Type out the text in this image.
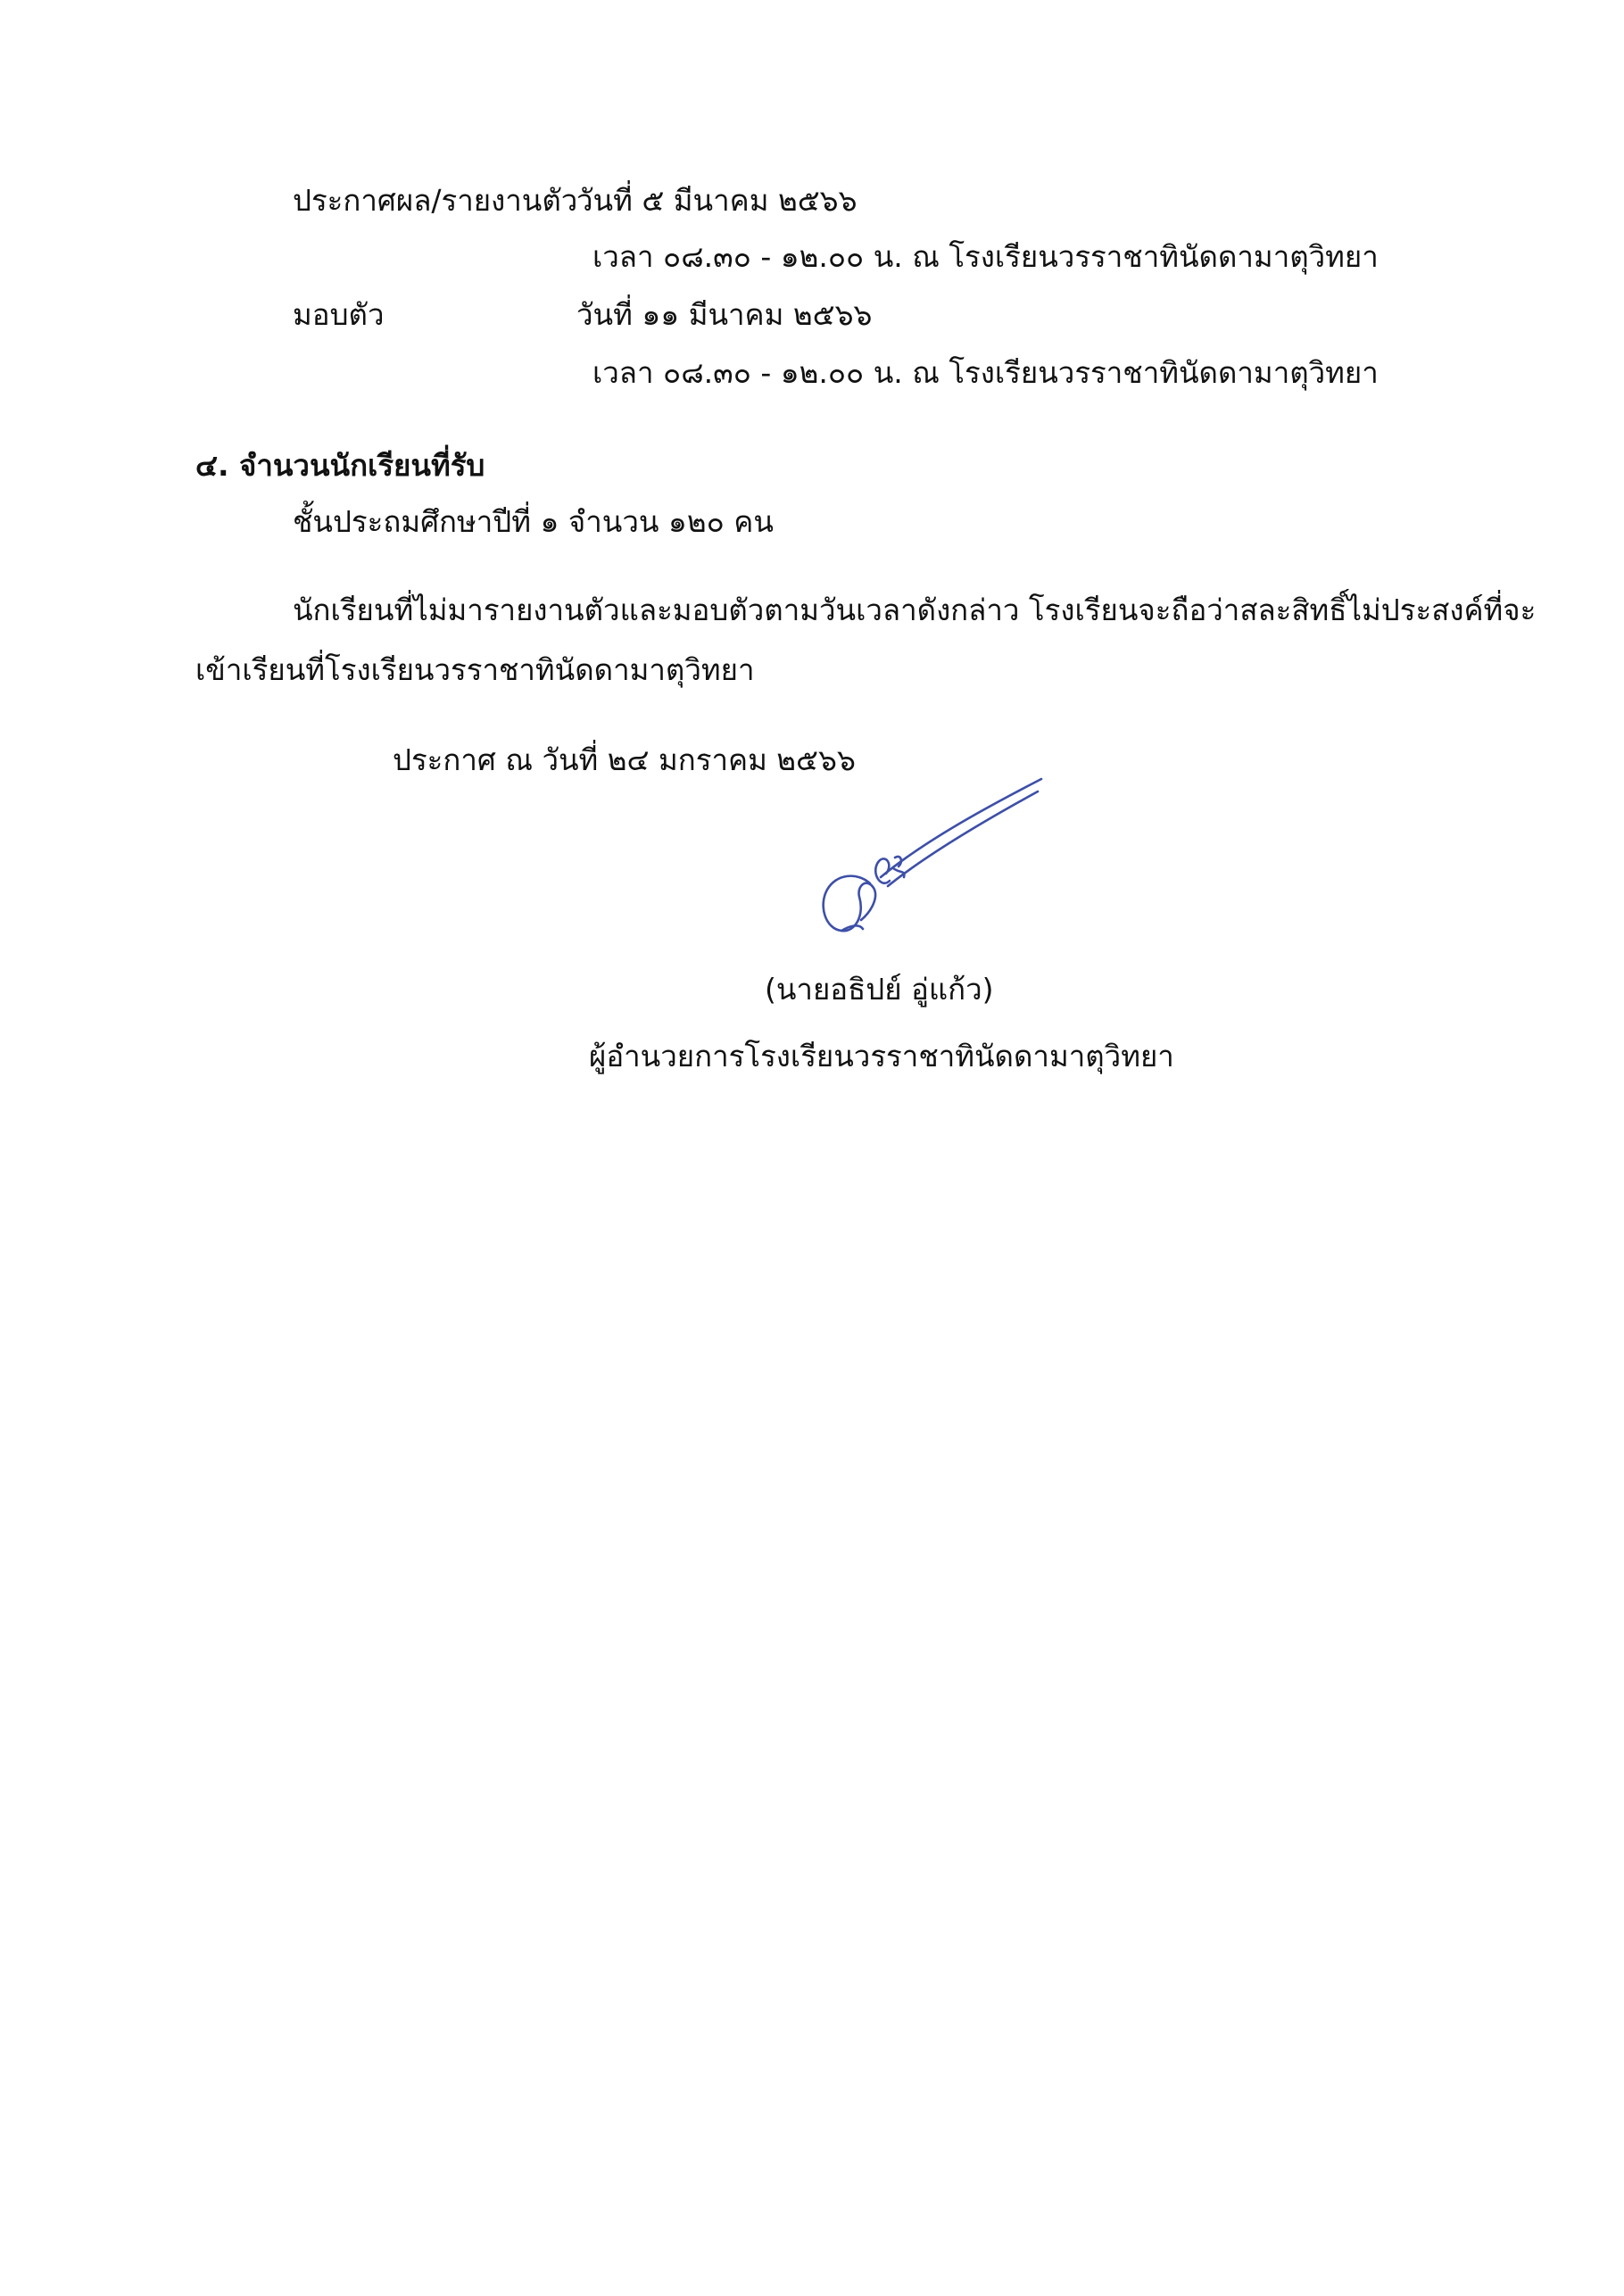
ประกาศผล/รายงานตัว
วันที่ ๕ มีนาคม ๒๕๖๖
เวลา ๐๘.๓๐ - ๑๒.๐๐ น. ณ โรงเรียนวรราชาทินัดดามาตุวิทยา
มอบตัว	วันที่ ๑๑ มีนาคม ๒๕๖๖
เวลา ๐๘.๓๐ - ๑๒.๐๐ น. ณ โรงเรียนวรราชาทินัดดามาตุวิทยา
๔. จำนวนนักเรียนที่รับ
ชั้นประถมศึกษาปีที่ ๑ จำนวน ๑๒๐ คน
นักเรียนที่ไม่มารายงานตัวและมอบตัวตามวันเวลาดังกล่าว โรงเรียนจะถือว่าสละสิทธิ์ไม่ประสงค์ที่จะ
เข้าเรียนที่โรงเรียนวรราชาทินัดดามาตุวิทยา
ประกาศ ณ วันที่ ๒๔ มกราคม ๒๕๖๖
(นายอธิปย์ อู่แก้ว)
ผู้อำนวยการโรงเรียนวรราชาทินัดดามาตุวิทยา
